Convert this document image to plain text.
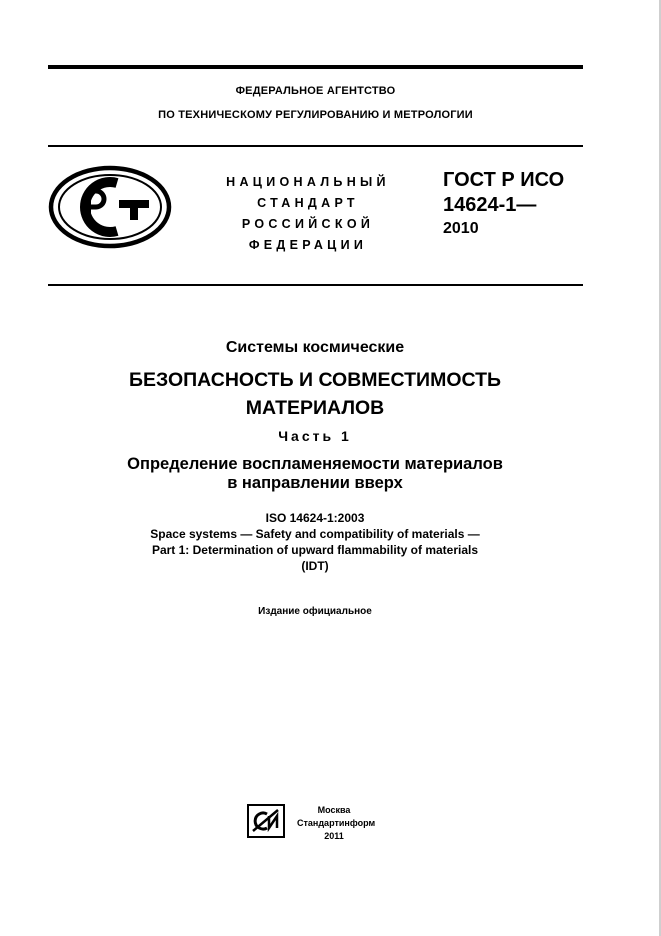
ФЕДЕРАЛЬНОЕ АГЕНТСТВО
ПО ТЕХНИЧЕСКОМУ РЕГУЛИРОВАНИЮ И МЕТРОЛОГИИ
НАЦИОНАЛЬНЫЙ
СТАНДАРТ
РОССИЙСКОЙ
ФЕДЕРАЦИИ
ГОСТ Р ИСО
14624-1—
2010
Системы космические
БЕЗОПАСНОСТЬ И СОВМЕСТИМОСТЬ
МАТЕРИАЛОВ
Часть 1
Определение воспламеняемости материалов
в направлении вверх
ISO 14624-1:2003
Space systems — Safety and compatibility of materials —
Part 1: Determination of upward flammability of materials
(IDT)
Издание официальное
Москва
Стандартинформ
2011
